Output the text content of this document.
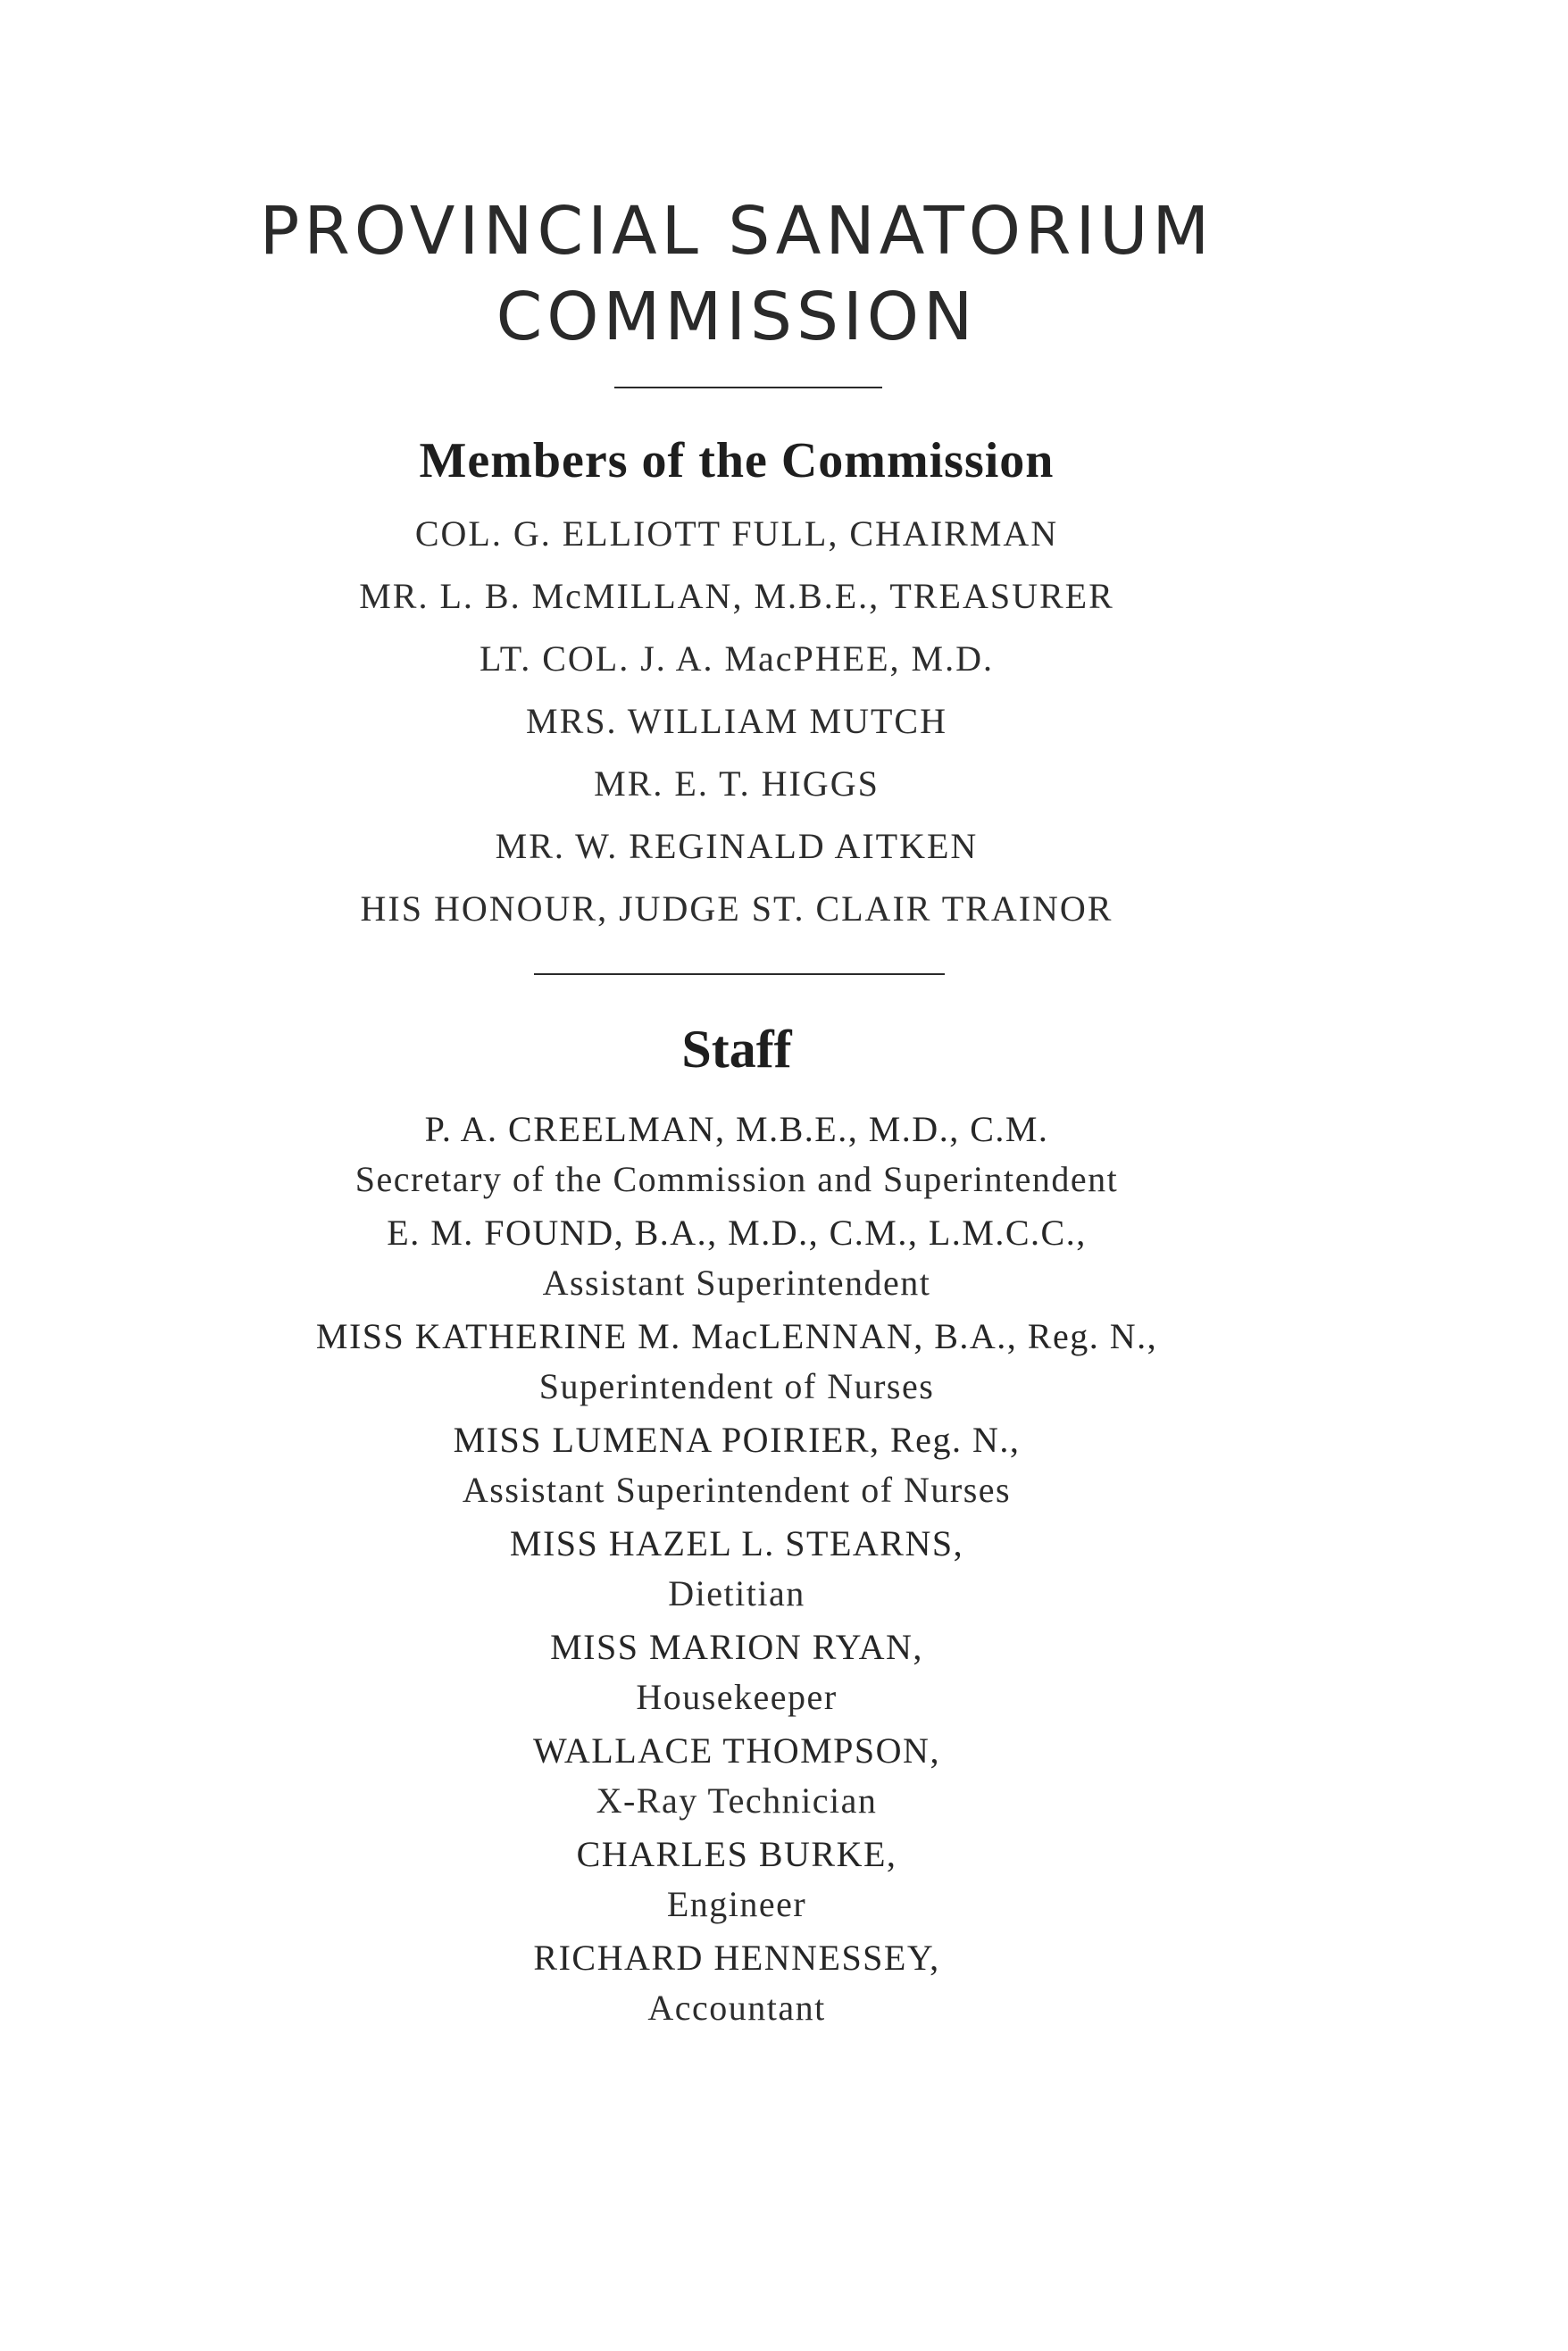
PROVINCIAL SANATORIUM
COMMISSION
Members of the Commission
COL. G. ELLIOTT FULL, CHAIRMAN
MR. L. B. McMILLAN, M.B.E., TREASURER
LT. COL. J. A. MacPHEE, M.D.
MRS. WILLIAM MUTCH
MR. E. T. HIGGS
MR. W. REGINALD AITKEN
HIS HONOUR, JUDGE ST. CLAIR TRAINOR
Staff
P. A. CREELMAN, M.B.E., M.D., C.M.
Secretary of the Commission and Superintendent
E. M. FOUND, B.A., M.D., C.M., L.M.C.C.,
Assistant Superintendent
MISS KATHERINE M. MacLENNAN, B.A., Reg. N.,
Superintendent of Nurses
MISS LUMENA POIRIER, Reg. N.,
Assistant Superintendent of Nurses
MISS HAZEL L. STEARNS,
Dietitian
MISS MARION RYAN,
Housekeeper
WALLACE THOMPSON,
X-Ray Technician
CHARLES BURKE,
Engineer
RICHARD HENNESSEY,
Accountant
